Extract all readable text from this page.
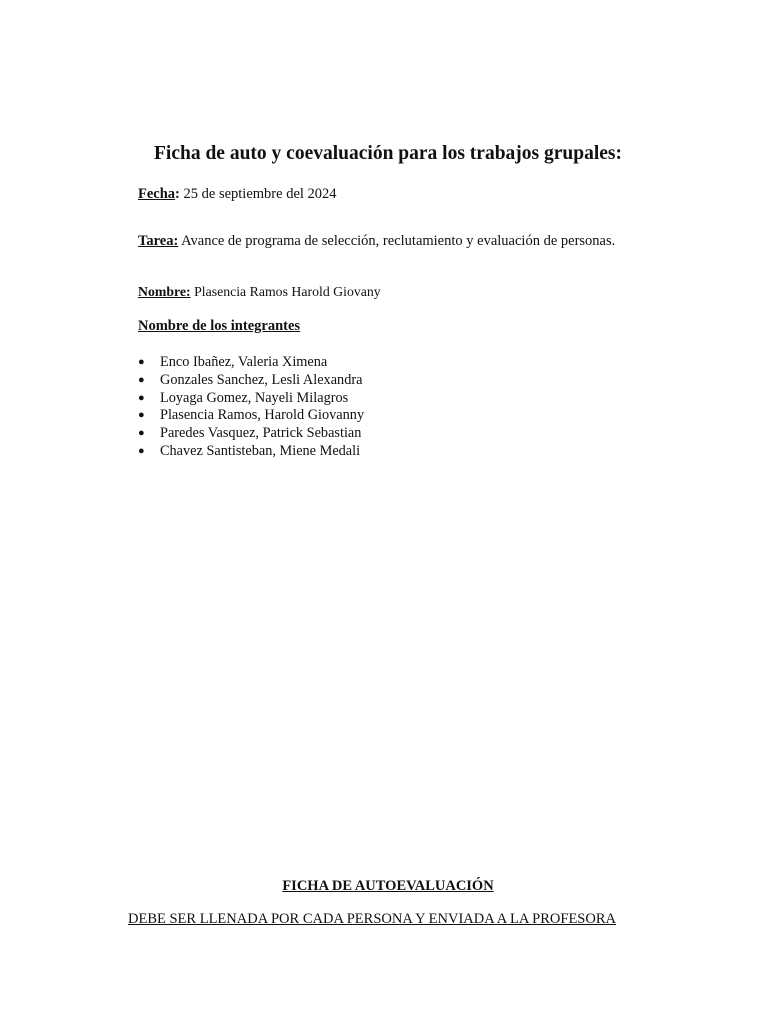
Ficha de auto y coevaluación para los trabajos grupales:
Fecha: 25 de septiembre del 2024
Tarea: Avance de programa de selección, reclutamiento y evaluación de personas.
Nombre: Plasencia Ramos Harold Giovany
Nombre de los integrantes
●	Enco Ibañez, Valeria Ximena
●	Gonzales Sanchez, Lesli Alexandra
●	Loyaga Gomez, Nayeli Milagros
●	Plasencia Ramos, Harold Giovanny
●	Paredes Vasquez, Patrick Sebastian
●	Chavez Santisteban, Miene Medali
FICHA DE AUTOEVALUACIÓN

DEBE SER LLENADA POR CADA PERSONA Y ENVIADA A LA PROFESORA
